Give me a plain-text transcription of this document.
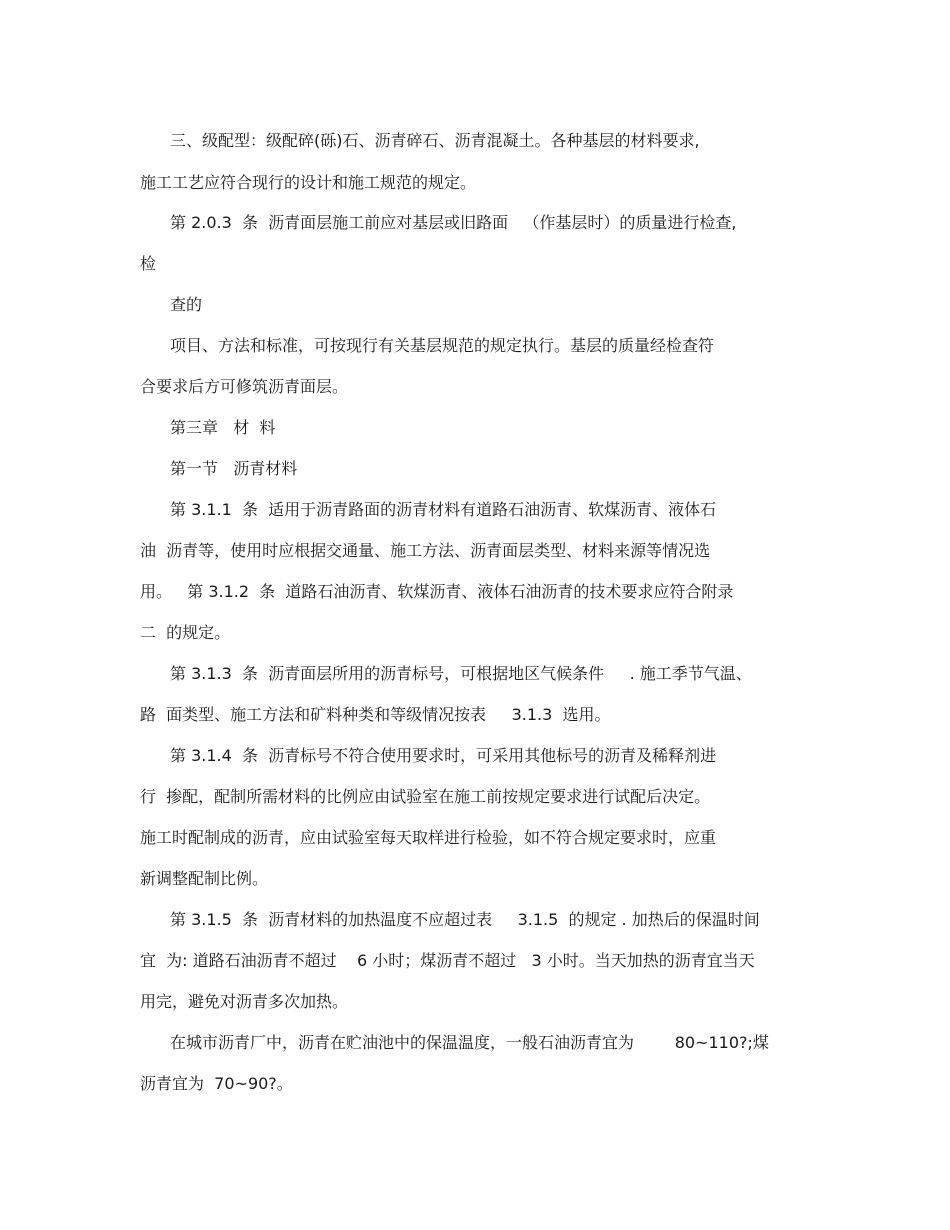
三、级配型：级配碎(砾)石、沥青碎石、沥青混凝土。各种基层的材料要求,
施工工艺应符合现行的设计和施工规范的规定。
第 2.0.3  条  沥青面层施工前应对基层或旧路面   （作基层时）的质量进行检查,
检
查的
项目、方法和标准，可按现行有关基层规范的规定执行。基层的质量经检查符
合要求后方可修筑沥青面层。
第三章   材  料
第一节   沥青材料
第 3.1.1  条  适用于沥青路面的沥青材料有道路石油沥青、软煤沥青、液体石
油  沥青等，使用时应根据交通量、施工方法、沥青面层类型、材料来源等情况选
用。   第 3.1.2  条  道路石油沥青、软煤沥青、液体石油沥青的技术要求应符合附录
二  的规定。
第 3.1.3  条  沥青面层所用的沥青标号，可根据地区气候条件     . 施工季节气温、
路  面类型、施工方法和矿料种类和等级情况按表     3.1.3  选用。
第 3.1.4  条  沥青标号不符合使用要求时，可采用其他标号的沥青及稀释剂进
行  掺配，配制所需材料的比例应由试验室在施工前按规定要求进行试配后决定。
施工时配制成的沥青，应由试验室每天取样进行检验，如不符合规定要求时，应重
新调整配制比例。
第 3.1.5  条  沥青材料的加热温度不应超过表     3.1.5  的规定 . 加热后的保温时间
宜  为: 道路石油沥青不超过    6 小时；煤沥青不超过   3 小时。当天加热的沥青宜当天
用完，避免对沥青多次加热。
在城市沥青厂中，沥青在贮油池中的保温温度，一般石油沥青宜为        80~110?;煤
沥青宜为  70~90?。
